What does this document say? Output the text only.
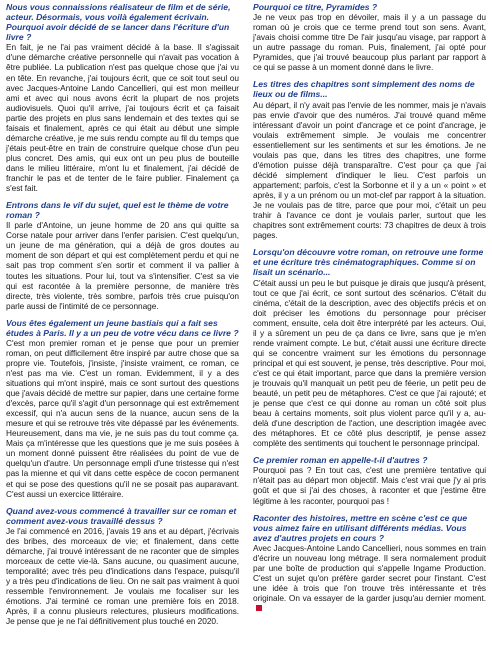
Nous vous connaissions réalisateur de film et de série, acteur. Désormais, vous voilà également écrivain. Pourquoi avoir décidé de se lancer dans l'écriture d'un livre ?

En fait, je ne l'ai pas vraiment décidé à la base. Il s'agissait d'une démarche créative personnelle qui n'avait pas vocation à être publiée. La publication n'est pas quelque chose que j'ai vu en tête. En revanche, j'ai toujours écrit, que ce soit tout seul ou avec Jacques-Antoine Lando Cancellieri, qui est mon meilleur ami et avec qui nous avons écrit la plupart de nos projets audiovisuels. Quoi qu'il arrive, j'ai toujours écrit et ça faisait partie des projets en plus sans lendemain et des textes qui se faisais et finalement, après ce qui était au début une simple démarche créative, je me suis rendu compte au fil du temps que j'étais peut-être en train de construire quelque chose d'un peu plus concret. Des amis, qui eux ont un peu plus de bouteille dans le milieu littéraire, m'ont lu et finalement, j'ai décidé de franchir le pas et de tenter de le faire publier. Finalement ça s'est fait.

Entrons dans le vif du sujet, quel est le thème de votre roman ?

Il parle d'Antoine, un jeune homme de 20 ans qui quitte sa Corse natale pour arriver dans l'enfer parisien. C'est quelqu'un, un jeune de ma génération, qui a déjà de gros doutes au moment de son départ et qui est complètement perdu et qui ne sait pas trop comment s'en sortir et comment il va pallier à toutes les situations. Pour lui, tout va s'intensifier. C'est sa vie qui est racontée à la première personne, de manière très directe, très violente, très sombre, parfois très crue puisqu'on parle aussi de l'intimité de ce personnage.

Vous êtes également un jeune bastiais qui a fait ses études à Paris. Il y a un peu de votre vécu dans ce livre ?

C'est mon premier roman et je pense que pour un premier roman, on peut difficilement être inspiré par autre chose que sa propre vie. Toutefois, j'insiste, j'insiste vraiment, ce roman, ce n'est pas ma vie. C'est un roman. Evidemment, il y a des situations qui m'ont inspiré, mais ce sont surtout des questions que j'avais décidé de mettre sur papier, dans une certaine forme d'excès, parce qu'il s'agit d'un personnage qui est extrêmement excessif, qui n'a aucun sens de la nuance, aucun sens de la mesure et qui se retrouve très vite dépassé par les événements. Heureusement, dans ma vie, je ne suis pas du tout comme ça. Mais ça m'intéresse que les questions que je me suis posées à un moment donné puissent être réalisées du point de vue de quelqu'un d'autre. Un personnage empli d'une tristesse qui n'est pas la mienne et qui vit dans cette espèce de cocon permanent et qui se pose des questions qu'il ne se posait pas auparavant. C'est aussi un exercice littéraire.

Quand avez-vous commencé à travailler sur ce roman et comment avez-vous travaillé dessus ?

Je l'ai commencé en 2016, j'avais 19 ans et au départ, j'écrivais des bribes, des morceaux de vie; et finalement, dans cette démarche, j'ai trouvé intéressant de ne raconter que de simples morceaux de cette vie-là. Sans aucune, ou quasiment aucune, temporalité; avec très peu d'indications dans l'espace, puisqu'il y a très peu d'indications de lieu. On ne sait pas vraiment à quoi ressemble l'environnement. Je voulais me focaliser sur les émotions. J'ai terminé ce roman une première fois en 2018. Après, il a connu plusieurs relectures, plusieurs modifications. Je pense que je ne l'ai définitivement plus touché en 2020.

Pourquoi ce titre, Pyramides ?

Je ne veux pas trop en dévoiler, mais il y a un passage du roman où je crois que ce terme prend tout son sens. Avant, j'avais choisi comme titre De l'air jusqu'au visage, par rapport à un autre passage du roman. Puis, finalement, j'ai opté pour Pyramides, que j'ai trouvé beaucoup plus parlant par rapport à ce qui se passe à un moment donné dans le livre.

Les titres des chapitres sont simplement des noms de lieux ou de films...

Au départ, il n'y avait pas l'envie de les nommer, mais je n'avais pas envie d'avoir que des numéros. J'ai trouvé quand même intéressant d'avoir un point d'ancrage et ce point d'ancrage, je voulais extrêmement simple. Je voulais me concentrer essentiellement sur les sentiments et sur les émotions. Je ne voulais pas que, dans les titres des chapitres, une forme d'émotion puisse déjà transparaître. C'est pour ça que j'ai décidé simplement d'indiquer le lieu. C'est parfois un appartement; parfois, c'est la Sorbonne et il y a un « point » et après, il y a un prénom ou un mot-clef par rapport à la situation. Je ne voulais pas de titre, parce que pour moi, c'était un peu trahir à l'avance ce dont je voulais parler, surtout que les chapitres sont extrêmement courts: 73 chapitres de deux à trois pages.

Lorsqu'on découvre votre roman, on retrouve une forme et une écriture très cinématographiques. Comme si on lisait un scénario...

C'était aussi un peu le but puisque je dirais que jusqu'à présent, tout ce que j'ai écrit, ce sont surtout des scénarios. C'était du cinéma, c'était de la description, avec des objectifs précis et on doit préciser les émotions du personnage pour préciser comment, ensuite, cela doit être interprété par les acteurs. Oui, il y a sûrement un peu de ça dans ce livre, sans que je m'en rende vraiment compte. Le but, c'était aussi une écriture directe qui se concentre vraiment sur les émotions du personnage principal et qui est souvent, je pense, très descriptive. Pour moi, c'est ce qui était important, parce que dans la première version je trouvais qu'il manquait un petit peu de féerie, un petit peu de beauté, un petit peu de métaphores. C'est ce que j'ai rajouté; et je pense que c'est ce qui donne au roman un côté soit plus beau à certains moments, soit plus violent parce qu'il y a, au-delà d'une description de l'action, une description imagée avec des métaphores. Et ce côté plus descriptif, je pense assez complète des sentiments qui touchent le personnage principal.

Ce premier roman en appelle-t-il d'autres ?

Pourquoi pas ? En tout cas, c'est une première tentative qui n'était pas au départ mon objectif. Mais c'est vrai que j'y ai pris goût et que si j'ai des choses, à raconter et que j'estime être légitime à les raconter, pourquoi pas !

Raconter des histoires, mettre en scène c'est ce que vous aimez faire en utilisant différents médias. Vous avez d'autres projets en cours ?

Avec Jacques-Antoine Lando Cancellieri, nous sommes en train d'écrire un nouveau long métrage. Il sera normalement produit par une boîte de production qui s'appelle Ingame Production. C'est un sujet qu'on préfère garder secret pour l'instant. C'est une idée à trois que l'on trouve très intéressante et très originale. On va essayer de la garder jusqu'au dernier moment.
